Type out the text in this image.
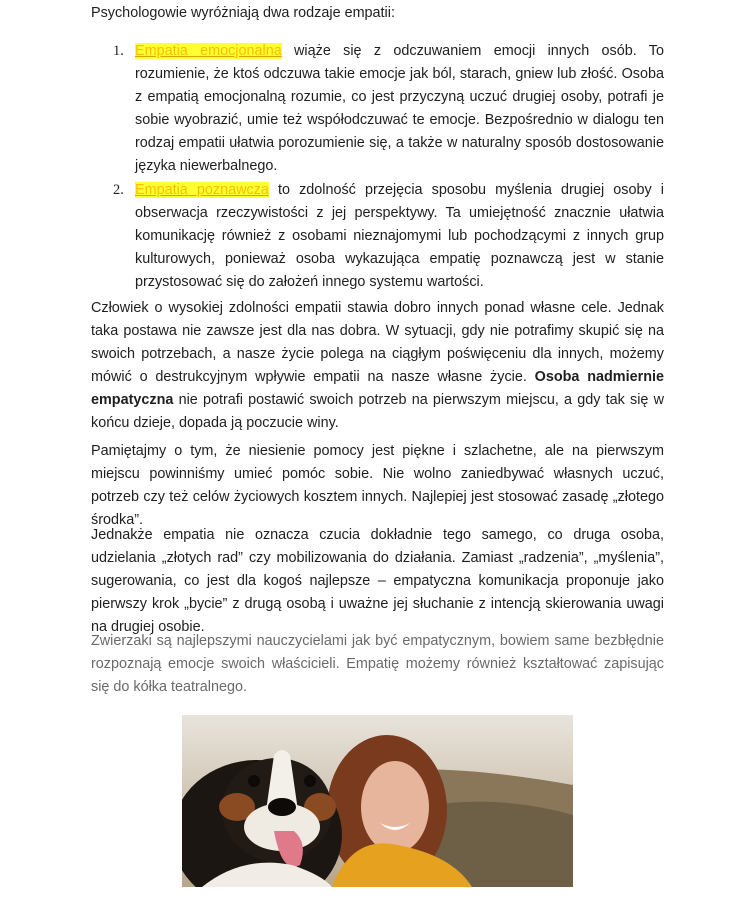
Psychologowie wyróżniają dwa rodzaje empatii:

1. Empatia emocjonalna wiąże się z odczuwaniem emocji innych osób. To rozumienie, że ktoś odczuwa takie emocje jak ból, starach, gniew lub złość. Osoba z empatią emocjonalną rozumie, co jest przyczyną uczuć drugiej osoby, potrafi je sobie wyobrazić, umie też współodczuwać te emocje. Bezpośrednio w dialogu ten rodzaj empatii ułatwia porozumienie się, a także w naturalny sposób dostosowanie języka niewerbalnego.
2. Empatia poznawcza to zdolność przejęcia sposobu myślenia drugiej osoby i obserwacja rzeczywistości z jej perspektywy. Ta umiejętność znacznie ułatwia komunikację również z osobami nieznajomymi lub pochodzącymi z innych grup kulturowych, ponieważ osoba wykazująca empatię poznawczą jest w stanie przystosować się do założeń innego systemu wartości.

Człowiek o wysokiej zdolności empatii stawia dobro innych ponad własne cele. Jednak taka postawa nie zawsze jest dla nas dobra. W sytuacji, gdy nie potrafimy skupić się na swoich potrzebach, a nasze życie polega na ciągłym poświęceniu dla innych, możemy mówić o destrukcyjnym wpływie empatii na nasze własne życie. Osoba nadmiernie empatyczna nie potrafi postawić swoich potrzeb na pierwszym miejscu, a gdy tak się w końcu dzieje, dopada ją poczucie winy.

Pamiętajmy o tym, że niesienie pomocy jest piękne i szlachetne, ale na pierwszym miejscu powinniśmy umieć pomóc sobie. Nie wolno zaniedbywać własnych uczuć, potrzeb czy też celów życiowych kosztem innych. Najlepiej jest stosować zasadę „złotego środka”.

Jednakże empatia nie oznacza czucia dokładnie tego samego, co druga osoba, udzielania „złotych rad” czy mobilizowania do działania. Zamiast „radzenia”, „myślenia”, sugerowania, co jest dla kogoś najlepsze – empatyczna komunikacja proponuje jako pierwszy krok „bycie” z drugą osobą i uważne jej słuchanie z intencją skierowania uwagi na drugiej osobie.

Zwierzaki są najlepszymi nauczycielami jak być empatycznym, bowiem same bezbłędnie rozpoznają emocje swoich właścicieli. Empatię możemy również kształtować zapisując się do kółka teatralnego.
